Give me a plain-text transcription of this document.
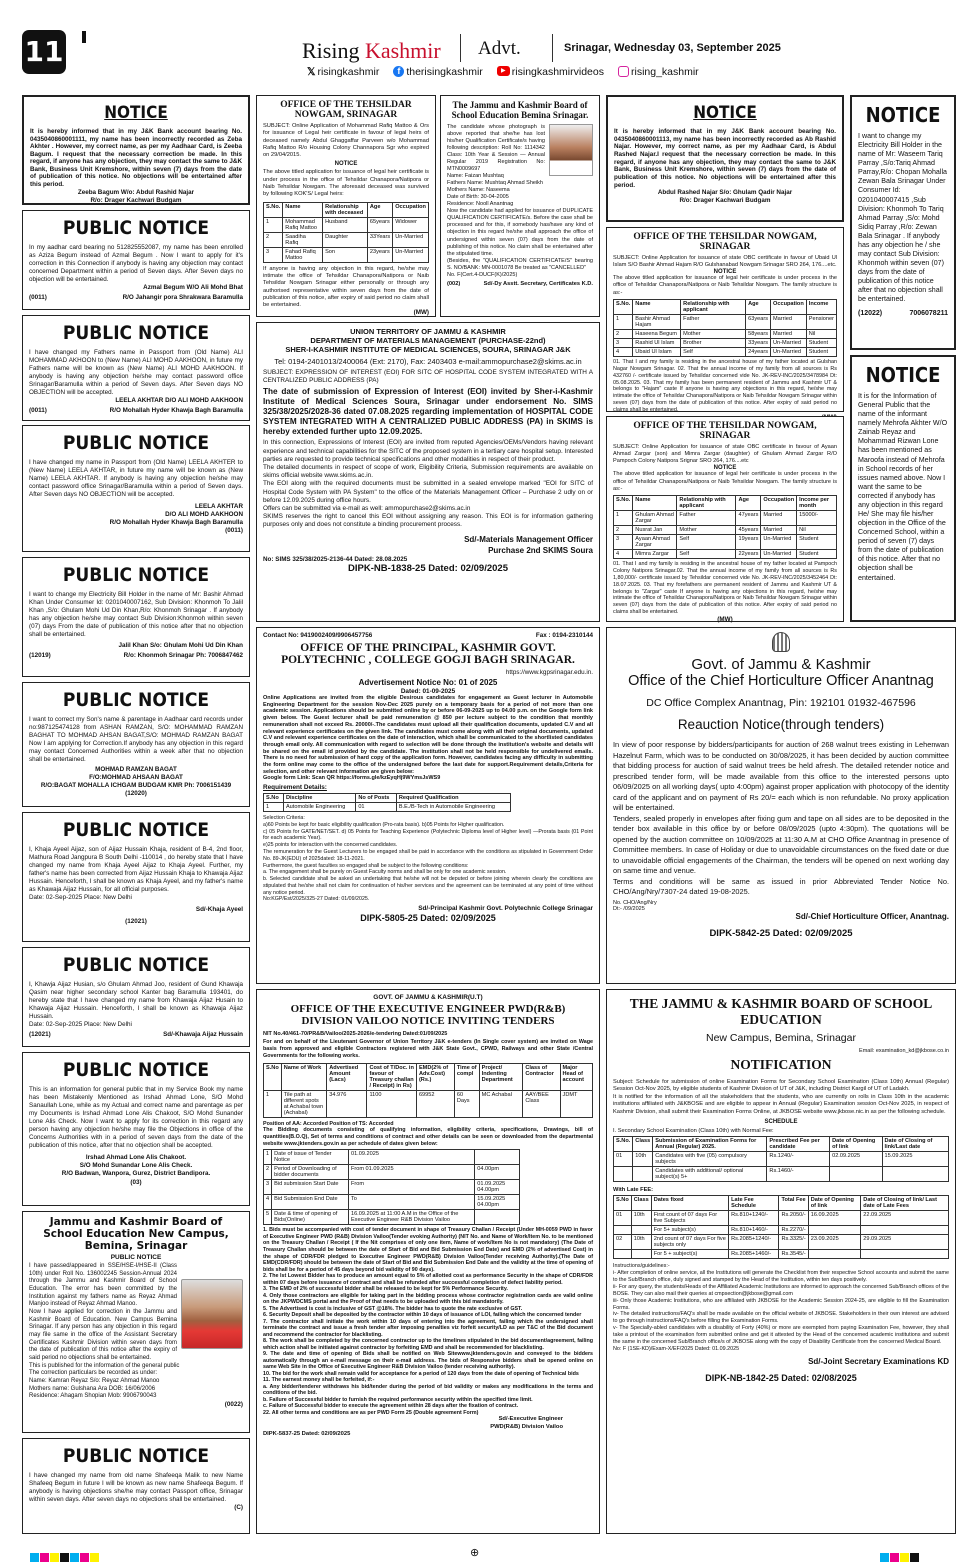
11	Rising Kashmir Advt.	Srinagar, Wednesday 03, September 2025
𝕏 risingkashmir	f therisingkashmir	▶ risingkashmirvideos	rising_kashmir
NOTICE
It is hereby informed that in my J&K Bank account bearing No. 0435040860001111, my name has been incorrectly recorded as Zeba Akhter . However, my correct name, as per my Aadhaar Card, is Zeeba Bagum. I request that the necessary correction be made. In this regard, if anyone has any objection, they may contact the same to J&K Bank, Business Unit Kremshore, within seven (7) days from the date of publication of this notice. No objections will be entertained after this period.
Zeeba Bagum W/o: Abdul Rashid Najar
R/o: Drager Kachwari Budgam
PUBLIC NOTICE
In my aadhar card bearing no 512825552087, my name has been enrolled as Aziza Begum instead of Azmal Begum . Now I want to apply for it's correction in this Connection if anybody is having any objection may contact concerned Department within a period of Seven days. After Seven days no objection will be entertained.
Azmal Begum W/O Ali Mohd Bhat
(0011)	R/O Jahangir pora Shrakwara Baramulla
PUBLIC NOTICE
I have changed my Fathers name in Passport from (Old Name) ALI MOHAMMAD AKHOON to (New Name) ALI MOHD AAKHOON, in future my Fathers name will be known as (New Name) ALI MOHD AAKHOON. If anybody is having any objection he/she may contact password office Srinagar/Baramulla within a period of Seven days. After Seven days NO OBJECTION will be accepted.
LEELA AKHTAR D/O ALI MOHD AAKHOON
(0011)	R/O Mohallah Hyder Khawja Bagh Baramulla
PUBLIC NOTICE
I have changed my name in Passport from (Old Name) LEELA AKHTER to (New Name) LEELA AKHTAR, in future my name will be known as (New Name) LEELA AKHTAR. If anybody is having any objection he/she may contact password office Srinagar/Baramulla within a period of Seven days. After Seven days NO OBJECTION will be accepted.
LEELA AKHTAR
D/O ALI MOHD AAKHOON
R/O Mohallah Hyder Khawja Bagh Baramulla
(0011)
PUBLIC NOTICE
I want to change my Electricity Bill Holder in the name of Mr: Bashir Ahmad Khan Under Consumer Id: 0201040007162, Sub Division: Khonmoh To Jalil Khan ,S/o: Ghulam Mohi Ud Din Khan,R/o: Khonmoh Srinagar . If anybody has any objection he/she may contact Sub Division:Khonmoh within seven (07) days From the date of publication of this notice after that no objection shall be entertained.
Jalil Khan S/o: Ghulam Mohi Ud Din Khan
(12019)	R/o: Khonmoh Srinagar Ph: 7006847462
PUBLIC NOTICE
I want to correct my Son's name & parentage in Aadhaar card records under no:987125474128 from ASHAN RAMZAN, S/O: MOHAMMAD RAMZAN BAGHAT TO MOHMAD AHSAN BAGAT,S/O: MOHMAD RAMZAN BAGAT Now I am applying for Correction.If anybody has any objection in this regard may contact Concerned Authorities within a week after that no objection shall be entertained.
MOHMAD RAMZAN BAGAT
F/O:MOHMAD AHSAAN BAGAT
R/O:BAGAT MOHALLA ICHGAM BUDGAM KMR Ph: 7006151439
(12020)
PUBLIC NOTICE
I, Khaja Ayeel Aijaz, son of Aijaz Hussain Khaja, resident of B-4, 2nd floor, Mathura Road Jangpura B South Delhi -110014 , do hereby state that I have changed my name from Khaja Ayeel Aijaz to Khaja Ayeel. Further, my father's name has been corrected from Aijaz Hussain Khaja to Khawaja Aijaz Hussain. Henceforth, I shall be known as Khaja Ayeel, and my father's name as Khawaja Aijaz Hussain, for all official purposes.
Date: 02-Sep-2025 Place: New Delhi
Sd/-Khaja Ayeel
(12021)
PUBLIC NOTICE
I, Khawja Aijaz Husian, s/o Ghulam Ahmad Joo, resident of Gund Khawaja Qasim near higher secondary school Kanter bag Baramulla 193401, do hereby state that I have changed my name from Khawaja Aijaz Husain to Khawaja Aijaz Hussain. Henceforth, I shall be known as Khawaja Aijaz Hussain.
Date: 02-Sep-2025 Place: New Delhi
(12021)	Sd/-Khawaja Aijaz Hussain
PUBLIC NOTICE
This is an information for general public that in my Service Book my name has been Mistakenly Mentioned as Irshad Ahmad Lone, S/O Mohd Sanaullah Lone, while as my Actual and correct name and parentage as per my Documents is Irshad Ahmad Lone Alis Chakoot, S/O Mohd Sunander Lone Alis Check. Now I want to apply for its correction in this regard any person having any objection he/she may file the Objections in office of the Concerns Authorities with in a period of seven days from the date of the publication of this notice, after that no objection shall be accepted.
Irshad Ahmad Lone Alis Chakoot.
S/O Mohd Sunandar Lone Alis Check.
R/O Badwan, Wanpora, Gurez, District Bandipora.
(03)
Jammu and Kashmir Board of School Education New Campus, Bemina, Srinagar
PUBLIC NOTICE
I have passed/appeared in SSE/HSE-I/HSE-II (Class 10th) under Roll No. 136002245 Session-Annual 2024 through the Jammu and Kashmir Board of School Education. The error has been committed by the Institution against my fathers name as Reyaz Ahmad Manjoo instead of Reyaz Ahmad Manoo.
Now I have applied for correction in the Jammu and Kashmir Board of Education. New Campus Bemina Srinagar. If any person has any objection in this regard may file same in the office of the Assistant Secretary Certificates Kashmir Division within seven days from the date of publication of this notice after the expiry of said period no objections shall be entertained.
This is published for the information of the general public
The correction particulars be recorded as under:
Name: Kamran Reyaz S/o: Reyaz Ahmad Manoo
Mothers name: Gulshana Ara DOB: 16/06/2006
Residence: Ahagam Shopian Mob: 9906790043
(0022)
PUBLIC NOTICE
I have changed my name from old name Shafeeqa Malik to new Name Shafeeq Begum in future I will be known as new name Shafeeqa Begum. If anybody is having objections she/he may contact Passport office, Srinagar within seven days. After seven days no objections shall be entertained.
(C)
OFFICE OF THE TEHSILDAR NOWGAM, SRINAGAR
SUBJECT: Online Application of Mohammad Rafiq Mattoo & Ors for issuance of Legal heir certificate in favour of legal heirs of deceased namely Abdul Ghaggaffar Parveen w/o Mohammad Rafiq Mattoo R/o Housing Colony Channapora Sgr who expired on 29/04/2015.
NOTICE
The above titled application for issuance of legal heir certificate is under process in the office of Tehsildar Chanapora/Natipora or Naib Tehsildar Nowgam. The aforesaid deceased was survived by following KOK'S/ Legal heirs:
S.No.	Name	Relationship with deceased	Age	Occupation
1	Mohammad Rafiq Mattoo	Husband	65years	Widower
2	Saadiha Rafiq	Daughter	33Years	Un-Married
3	Fahad Rafiq Mattoo	Son	23years	Un-Married
If anyone is having any objection in this regard, he/she may intimate the office of Tehsildar Chanapora/Natipora or Naib Tehsildar Nowgam Srinagar either personally or through any authorised representative within seven days from the date of publication of this notice, after expiry of said period no claim shall be entertained.
(MW)
The Jammu and Kashmir Board of School Education Bemina Srinagar.
The candidate whose photograph is above reported that she/he has lost his/her Qualification Certificate/s having following description: Roll No: 1114342 Class: 10th Year & Session — Annual Regular 2019 Registration No: MTN0009697
Name: Faizan Mushtaq
Fathers Name: Mushtaq Ahmad Sheikh
Mothers Name: Naseema
Date of Birth: 30-04-2005
Residence: Nooll Anantnag
Now the candidate had applied for issuance of DUPLICATE QUALIFICATION CERTIFICATE/s. Before the case shall be processed and for this, if somebody has/have any kind of objection in this regard he/she shall approach the office of undersigned within seven (07) days from the date of publishing of this notice. No claim shall be entertained after the stipulated time.
(Besides, the "QUALIFICATION CERTIFICATE/S" bearing S. NO/BANK: MN-0001078 Be treated as "CANCELLED"
No. F(Cert.4-DUCF(K)/2025)
(002)	Sd/-Dy Asstt. Secretary, Certificates K.D.
UNION TERRITORY OF JAMMU & KASHMIR
DEPARTMENT OF MATERIALS MANAGEMENT (PURCHASE-22nd)
SHER-I-KASHMIR INSTITUTE OF MEDICAL SCIENCES, SOURA, SRINAGAR J&K
Tel: 0194-2401013/2400064 (Ext: 2170), Fax: 2403403 e-mail:ammopurchase2@skims.ac.in
SUBJECT: EXPRESSION OF INTEREST (EOI) FOR SITC OF HOSPITAL CODE SYSTEM INTEGRATED WITH A CENTRALIZED PUBLIC ADDRESS (PA)
The date of submission of Expression of Interest (EOI) invited by Sher-i-Kashmir Institute of Medical Sciences Soura, Srinagar under endorsement No. SIMS 325/38/2025/2028-36 dated 07.08.2025 regarding implementation of HOSPITAL CODE SYSTEM INTEGRATED WITH A CENTRALIZED PUBLIC ADDRESS (PA) in SKIMS is hereby extended further upto 12.09.2025.
In this connection, Expressions of Interest (EOI) are invited from reputed Agencies/OEMs/Vendors having relevant experience and technical capabilities for the SITC of the proposed system in a tertiary care hospital setup. Interested parties are requested to provide technical specifications and other modalities in respect of their product.
The detailed documents in respect of scope of work, Eligibility Criteria, Submission requirements are available on skims official website www.skims.ac.in.
The EOI along with the required documents must be submitted in a sealed envelope marked "EOI for SITC of Hospital Code System with PA System" to the office of the Materials Management Officer – Purchase 2 udly on or before 12.09.2025 during office hours.
Offers can be submitted via e-mail as well: ammopurchase2@skims.ac.in
SKIMS reserves the right to cancel this EOI without assigning any reason. This EOI is for information gathering purposes only and does not constitute a binding procurement process.
Sd/-Materials Management Officer
Purchase 2nd SKIMS Soura
No: SIMS 325/38/2025-2136-44 Dated: 28.08.2025
DIPK-NB-1838-25 Dated: 02/09/2025
NOTICE
It is hereby informed that in my J&K Bank account bearing No. 0435040860001113, my name has been incorrectly recorded as Ab Rashid Najar. However, my correct name, as per my Aadhaar Card, is Abdul Rashed Najar.I request that the necessary correction be made. In this regard, if anyone has any objection, they may contact the same to J&K Bank, Business Unit Kremshore, within seven (7) days from the date of publication of this notice. No objections will be entertained after this period.
Abdul Rashed Najar S/o: Ghulam Qadir Najar
R/o: Drager Kachwari Budgam
OFFICE OF THE TEHSILDAR NOWGAM, SRINAGAR
SUBJECT: Online Application for issuance of state OBC certificate in favour of Ubaid Ul Islam S/O Bashir Ahmad Hajam R/O Gulshanabad Nowgam Srinagar SRO 264, 176....etc.
NOTICE
The above titled application for issuance of legal heir certificate is under process in the office of Tehsildar Chanapora/Natipora or Naib Tehsildar Nowgam. The family structure is as:-
S.No.	Name	Relationship with applicant	Age	Occupation	Income
1	Bashir Ahmad Hajam	Father	63years	Married	Pensioner
2	Haseena Begum	Mother	58years	Married	Nil
3	Rashid Ul Islam	Brother	33years	Un-Married	Student
4	Ubaid Ul Islam	Self	24years	Un-Married	Student
01. That I and my family is residing in the ancestral house of my father located at Gulshan Nagar Nowgam Srinagar. 02. That the annual income of my family from all sources is Rs 432760 /- certificate issued by Tehsildar concerned vide No. JK-REV-INC/2025/3478984 Dt: 05.08.2025. 03. That my family has been permanent resident of Jammu and Kashmir UT & belongs to "Hajam" caste If anyone is having any objections in this regard, he/she may intimate the office of Tehsildar Chanapora/Natipora or Naib Tehsildar Nowgam Srinagar within seven (07) days from the date of publication of this notice. After expiry of said period no claims shall be entertained.
OFFICE OF THE TEHSILDAR NOWGAM, SRINAGAR
SUBJECT: Online Application for issuance of state OBC certificate in favour of Ayaan Ahmad Zargar (son) and Mimra Zargar (daughter) of Ghulam Ahmad Zargar R/O Pampoch Colony Natipora Srignar SRO 264, 176....etc
NOTICE
The above titled application for issuance of legal heir certificate is under process in the office of Tehsildar Chanapora/Natipora or Naib Tehsildar Nowgam. The family structure is as:-
S.No.	Name	Relationship with applicant	Age	Occupation	Income per month
1	Ghulam Ahmad Zargar	Father	47years	Married	15000/-
2	Nusrat Jan	Mother	45years	Married	Nil
3	Ayaan Ahmad Zargar	Self	19years	Un-Married	Student
4	Mimra Zargar	Self	22years	Un-Married	Student
01. That I and my family is residing in the ancestral house of my father located at Pampoch Colony Natipora Srinagar.02. That the annual income of my family from all sources is Rs 1,80,000/- certificate issued by Tehsildar concerned vide No. JK-REV-INC/2025/3452464 Dt: 18.07.2025. 03. That my forefathers are permanent resident of Jammu and Kashmir UT & belongs to "Zargar" caste If anyone is having any objections in this regard, he/she may intimate the office of Tehsildar Chanapora/Natipora or Naib Tehsildar Nowgam Srinagar within seven (07) days from the date of publication of this notice. After expiry of said period no claims shall be entertained.
(MW)
NOTICE
I want to change my Electricity Bill Holder in the name of Mr: Waseem Tariq Parray ,S/o:Tariq Ahmad Parray,R/o: Chopan Mohalla Zewan Bala Srinagar Under Consumer Id: 0201040007415 ,Sub Division: Khonmoh To Tariq Ahmad Parray ,S/o: Mohd Sidiq Parray ,R/o: Zewan Bala Srinagar . If anybody has any objection he / she may contact Sub Division: Khonmoh within seven (07) days from the date of publication of this notice after that no objection shall be entertained.
(12022)	7006078211
NOTICE
It is for the Information of General Public that the name of the informant namely Mehrofa Akhter W/O Zainab Reyaz and Mohammad Rizwan Lone has been mentioned as Maroofa instead of Mehrofa in School records of her issues named above. Now I want the same to be corrected if anybody has any objection in this regard He/ She may file his/her objection in the Office of the Concerned School, within a period of seven (7) days from the date of publication of this notice. After that no objection shall be entertained.
Contact No: 9419002409/9906457756	Fax : 0194-2310144
OFFICE OF THE PRINCIPAL, KASHMIR GOVT. POLYTECHNIC , COLLEGE GOGJI BAGH SRINAGAR.
https://www.kgpsrinagar.edu.in.
Advertisement Notice No: 01 of 2025
Dated: 01-09-2025
Online Applications are invited from the eligible Desirous candidates for engagement as Guest lecturer in Automobile Engineering Department for the session Nov-Dec 2025 purely on a temporary basis for a period of not more than one academic session. Applications should be submitted online by or before 06-09-2025 up to 04.00 p.m. on the Google form link given below. The Guest lecturer shall be paid remuneration @ 850 per lecture subject to the condition that monthly remuneration shall not exceed Rs. 20000/-.The candidates must upload all their qualification documents, updated C.V and all relevant experience certificates on the given link. The candidates must come along with all their original documents, updated C.V and relevant experience certificates on the date of interaction, which shall be communicated to the shortlisted candidates through email only. All communication with regard to selection will be done through the institution's website and details will be shared on the email id provided by the candidate. The institution shall not be held responsible for undelivered emails. There is no need for submission of hard copy of the application form. However, candidates facing any difficulty in submitting the form online may come to the office of the undersigned before the last date for support.Requirement details,Criteria for selection, and other relevant information are given below:
Google form Link: Scan QR https://forms.gle/kzEyqHj9WYmsJsWS9
Requirement Details:
S.No	Discipline	No of Posts	Required Qualification
1	Automobile Engineering	01	B.E./B-Tech in Automobile Engineering
Selection Criteria:
a)60 Points be kept for basic eligibility qualification (Pro-rata basis). b)05 Points for Higher qualification.
c) 05 Points for GATE/NET/SET. d) 05 Points for Teaching Experience (Polytechnic Diploma level of Higher level) —Prorata basis (01 Point for each academic Year).
e)25 points for interaction with the concerned candidates.
The remuneration for the Guest Lecturers to be engaged shall be paid in accordance with the conditions as stipulated in Government Order No. 89-JK(EDU) of 2025dated: 18-11-2021.
Furthermore, the guest faculties so engaged shall be subject to the following conditions:
a. The engagement shall be purely on Guest Faculty norms and shall be only for one academic session.
b. Selected candidate shall be asked an undertaking that he/she will not be deputed or before joining wherein clearly the conditions are stipulated that he/she shall not claim for continuation of his/her services and the agreement can be terminated at any point of time without any notice period.
No:KGP/Est/2025/325-27 Dated: 01/09/2025.
Sd/-Principal Kashmir Govt. Polytechnic College Srinagar
DIPK-5805-25 Dated: 02/09/2025
Govt. of Jammu & Kashmir
Office of the Chief Horticulture Officer Anantnag
DC Office Complex Anantnag, Pin: 192101 01932-467596
Reauction Notice(through tenders)
In view of poor response by bidders/participants for auction of 268 walnut trees existing in Lehenwan Hazelnut Farm, which was to be conducted on 30/08/2025, it has been decided by auction committee that bidding process for auction of said walnut trees be held afresh. The detailed retender notice and prescribed tender form, will be made available from this office to the interested persons upto 06/09/2025 on all working days( upto 4:00pm) against proper application with photocopy of the identity card of the applicant and on payment of Rs 20/= each which is non refundable. No proxy application will be entertained.
Tenders, sealed properly in envelopes after fixing gum and tape on all sides are to be deposited in the tender box available in this office by or before 08/09/2025 (upto 4:30pm). The quotations will be opened by the auction committee on 10/09/2025 at 11:30 A.M at CHO Office Anantnag in presence of Committee members. In case of Holiday or due to unavoidable circumstances on the fixed date or due to unavoidable official engagements of the Chairman, the tenders will be opened on next working day on same time and venue.
Terms and conditions will be same as issued in prior Abbreviated Tender Notice No. CHO/Ang/Nry/7307-24 dated 19-08-2025.
No. CHO/Ang/Nry
Dt:- /09/2025
Sd/-Chief Horticulture Officer, Anantnag.
DIPK-5842-25 Dated: 02/09/2025
GOVT. OF JAMMU & KASHMIR(U.T)
OFFICE OF THE EXECUTIVE ENGINEER PWD(R&B) DIVISION VAILOO NOTICE INVITING TENDERS
NIT No.40/461-70/PR&B/Vailoo/2025-2026/e-tendering Dated:01/09/2025
For and on behalf of the Lieutenant Governor of Union Territory J&K e-tenders (In Single cover system) are invited on Wage basis from approved and eligible Contractors registered with J&K State Govt., CPWD, Railways and other State /Central Governments for the following works.
S.No	Name of Work	Advertised Amount (Lacs)	Cost of T/Doc. in favour of Treasury challan / Receipt) in Rs)	EMD(2% of Adv.Cost) (Rs.)	Time of compl	Project/ Indenting Department	Class of Contractor	Major Head of account
1	Tile path at different spots at Achabal town (Achabal)	34.976	1100	69952	60 Days	MC Achabal	AAY/BEE Class	JDMT
Position of AA: Accorded Position of TS: Accorded
The Bidding documents consisting of qualifying information, eligibility criteria, specifications, Drawings, bill of quantities(B.O.Q), Set of terms and conditions of contract and other details can be seen or downloaded from the departmental website www.jktenders.gov.in as per schedule of dates given below:
1	Date of issue of Tender Notice	01.09.2025	
2	Period of Downloading of bidder documents	From 01.09.2025	04.00pm
3	Bid submission Start Date	From	01.09.2025 04.00pm
4	Bid Submission End Date	To	15.09.2025 04.00pm
5	Date & time of opening of Bids(Online)	16.09.2025 at 11:00 A.M in the Office of the Executive Engineer R&B Division Vailoo	
1. Bids must be accompanied with cost of tender document in shape of Treasury Challan / Receipt (Under MH-0059 PWD in favor of Executive Engineer PWD (R&B) Division Vailoo(Tender evoking Authority) (NIT No. and Name of Work/Item No. to be mentioned on the Treasury Challan / Receipt ( If the Nit comprises of only one item, Name of work/Item No is not mandatory) (The Date of Treasury Challan should be between the date of Start of Bid and Bid Submission End Date) and EMD (2% of advertised Cost) in the shape of CDR/FDR pledged to Executive Engineer PWD(R&B) Division Vailoo(Tender receiving Authority).(The Date of EMD(CDR/FDR) should be between the date of Start of Bid and Bid Submission End Date and the validity at the time of opening of bids shall be for a period of 45 days beyond bid validity of 90 days).
2. The lst Lowest Bidder has to produce an amount equal to 5% of allotted cost as performance Security in the shape of CDR/FDR within 07 days before issuance of contract and shall be refunded after successful completion of defect liability period.
3. The EMD of 2% of successful bidder shall be released to be kept for 5% Performance Security.
4. Only those contractors are eligible for taking part in the bidding process whose contractor registration cards are valid online on the JKPWDCMS portal and the Proof of that needs to be uploaded with this bid mandatorily.
5. The Advertised is cost is inclusive of GST @18%. The bidder has to quote the rate exclusive of GST.
6. Security Deposit shall be deposited by the contractor within 10 days of issuance of LOI, failing which the concerned tender
7. The contractor shall initiate the work within 10 days of entering into the agreement, failing which the undersigned shall terminate the contract and issue a fresh tender after imposing penalties viz forfeit security/LD as per T&C of the Bid document and recommend the contractor for blacklisting.
8. The work shall be completed by the concerned contractor up to the timelines stipulated in the bid document/agreement, failing which action shall be initiated against contractor by forfeiting EMD and shall be recommended for blacklisting.
9. The date and time of opening of Bids shall be notified on Web Sitewww.jktenders.gov.in and conveyed to the bidders automatically through an e-mail message on their e-mail address. The bids of Responsive bidders shall be opened online on same Web Site in the Office of Executive Engineer R&B Division Vailoo (tender receiving authority).
10. The bid for the work shall remain valid for acceptance for a period of 120 days from the date of opening of Technical bids
11. The earnest money shall be forfeited, if:-
a. Any bidder/tenderer withdraws his bid/tender during the period of bid validity or makes any modifications in the terms and conditions of the bid.
b. Failure of Successful bidder to furnish the required performance security within the specified time limit.
c. Failure of Successful bidder to execute the agreement within 28 days after the fixation of contract.
22. All other terms and conditions are as per PWD Form 25 (Double agreement Form)
Sd/-Executive Engineer
PWD(R&B) Division Vailoo
DIPK-5837-25 Dated: 02/09/2025
THE JAMMU & KASHMIR BOARD OF SCHOOL EDUCATION
New Campus, Bemina, Srinagar
Email: examination_kd@jkbose.co.in
NOTIFICATION
Subject: Schedule for submission of online Examination Forms for Secondary School Examination (Class 10th) Annual (Regular) Session Oct-Nov 2025, by eligible students of Kashmir Division of UT of J&K, including District Kargil of UT of Ladakh.
It is notified for the information of all the stakeholders that the students, who are currently on rolls in Class 10th in the academic institutions affiliated with J&KBOSE and are eligible to appear in Annual (Regular) Examination session Oct-Nov 2025, in respect of Kashmir Division, shall submit their Examination Forms Online, at JKBOSE website www.jkbose.nic.in as per the following schedule.
SCHEDULE
I. Secondary School Examination (Class 10th) with Normal Fee:
S.No.	Class	Submission of Examination Forms for Annual (Regular) 2025.	Prescribed Fee per candidate	Date of Opening of link	Date of Closing of link/Last date
01	10th	Candidates with five (05) compulsory subjects	Rs.1240/-	02.09.2025	15.09.2025
		Candidates with additional/ optional subject(s) 5+	Rs.1460/-		
With Late FEE:
S.No	Class	Dates fixed	Late Fee Schedule	Total Fee	Date of Opening of link	Date of Closing of link/ Last date of Late Fees
01	10th	First count of 07 days For five Subjects	Rs.810+1240/-	Rs.2050/-	16.09.2025	22.09.2025
		For 5+ subject(s)	Rs.810+1460/-	Rs.2270/-		
02	10th	2nd count of 07 days For five subjects only	Rs.2085+1240/-	Rs.3325/-	23.09.2025	29.09.2025
		For 5 + subject(s)	Rs.2085+1460/-	Rs.3545/-		
Instructions/guidelines:-
i- After completion of online service, all the Institutions will generate the Checklist from their respective School accounts and submit the same to the Sub/Branch office, duly signed and stamped by the Head of the Institution, within ten days positively.
ii- For any query, the students/Heads of the Affiliated Academic Institutions are informed to approach the concerned Sub/Branch offices of the BOSE. They can also mail their queries at cmpsection@jkbose@gmail.com
iii- Only those Academic Institutions, who are affiliated with JKBOSE for the Academic Session 2024-25, are eligible to fill the Examination Forms.
iv- The detailed instructions/FAQ's shall be made available on the official website of JKBOSE. Stakeholders in their own interest are advised to go through instructions/FAQ's before filling the Examination Forms.
v- The Specially-abled candidates with a disability of Forty (40%) or more are exempted from paying Examination Fee, however, they shall take a printout of the examination form submitted online and get it attested by the Head of the concerned academic institutions and submit the same in the concerned Sub/Branch office/s of JKBOSE along with the copy of Disability Certificate from the concerned Medical Board.
No: F (1SE-KD)/Exam-X/EF/2025 Dated: 01.09.2025
Sd/-Joint Secretary Examinations KD
DIPK-NB-1842-25 Dated: 02/08/2025
⊕
